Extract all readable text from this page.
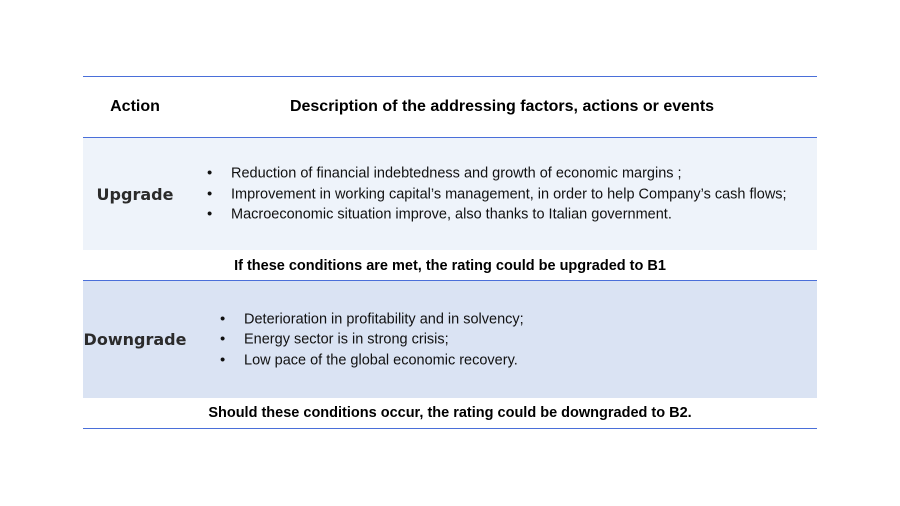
Action	Description of the addressing factors, actions or events
Upgrade
• Reduction of financial indebtedness and growth of economic margins ;
• Improvement in working capital’s management, in order to help Company’s cash flows;
• Macroeconomic situation improve, also thanks to Italian government.
If these conditions are met, the rating could be upgraded to B1
Downgrade
• Deterioration in profitability and in solvency;
• Energy sector is in strong crisis;
• Low pace of the global economic recovery.
Should these conditions occur, the rating could be downgraded to B2.
